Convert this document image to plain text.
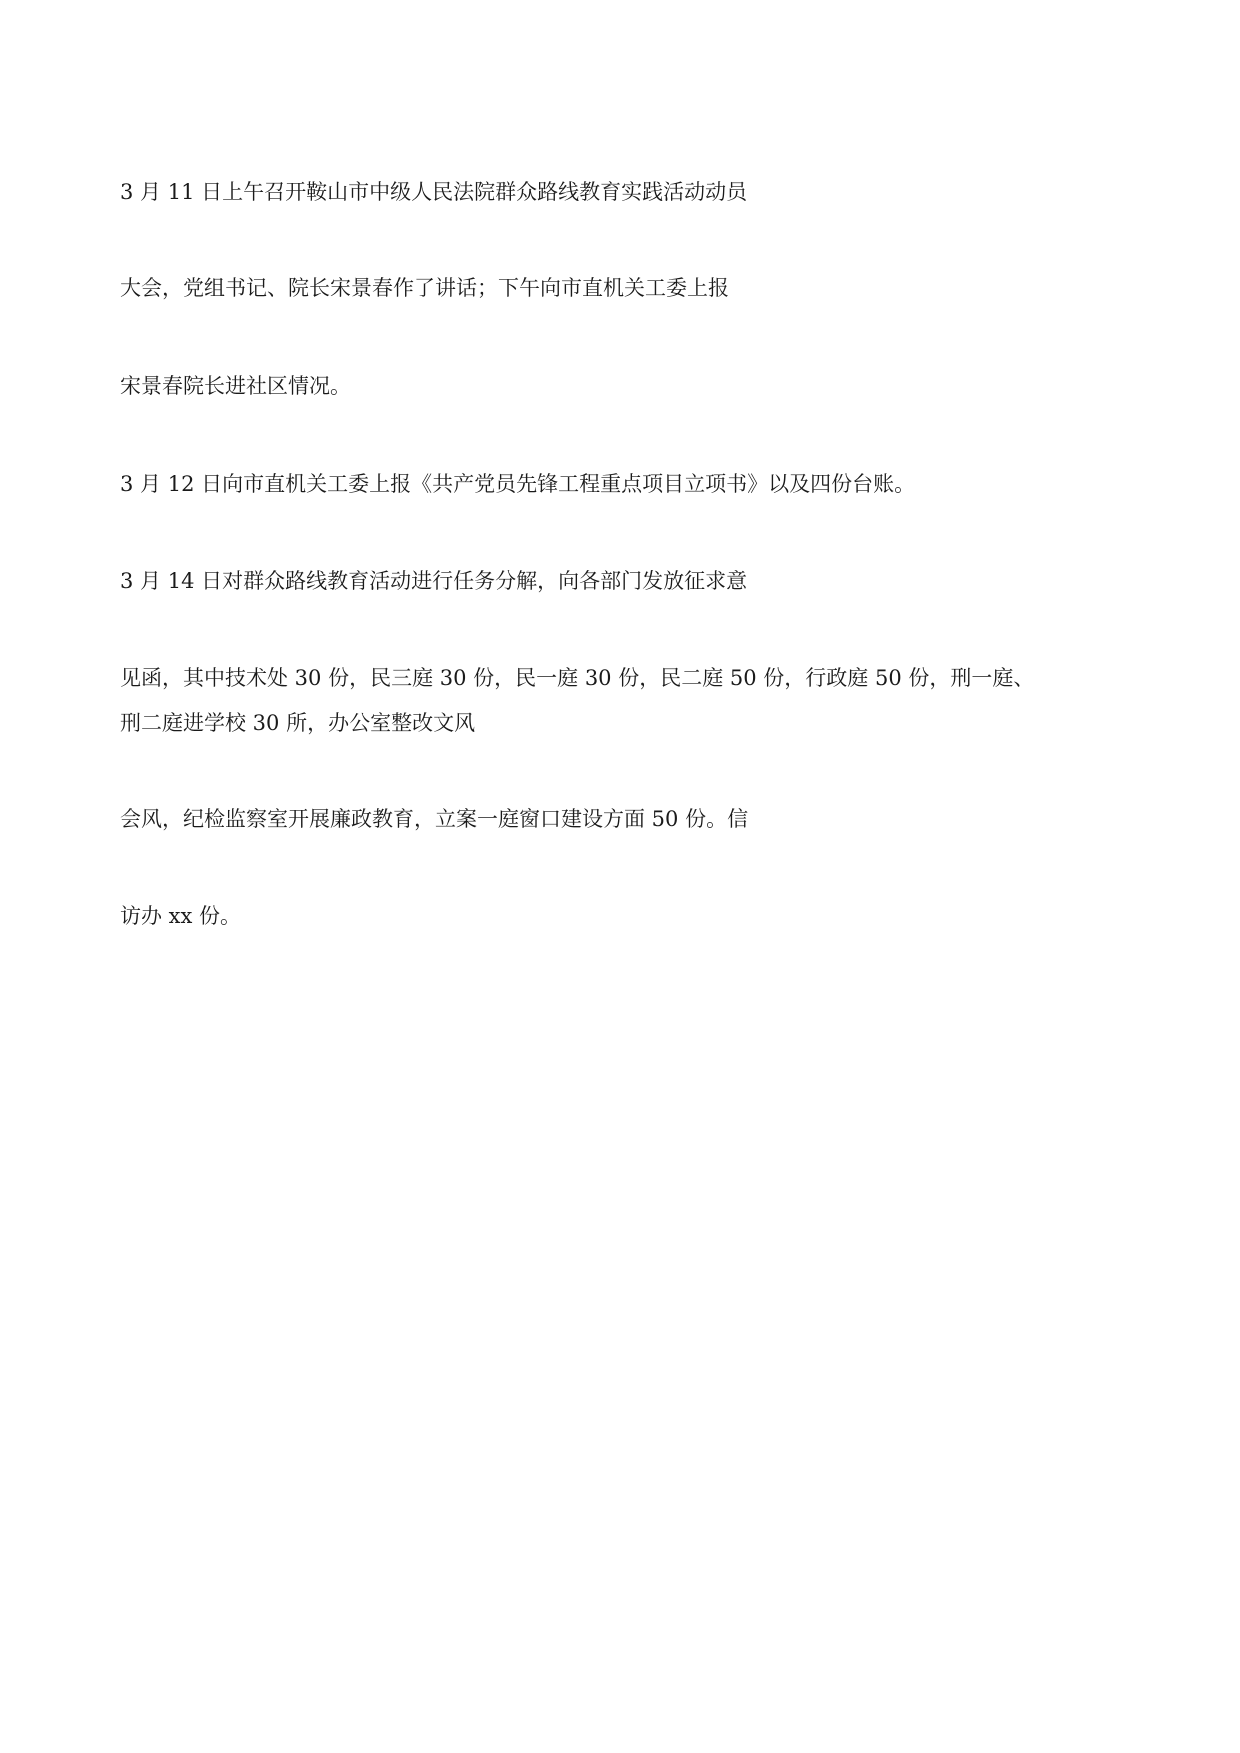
3 月 11 日上午召开鞍山市中级人民法院群众路线教育实践活动动员

大会，党组书记、院长宋景春作了讲话；下午向市直机关工委上报

宋景春院长进社区情况。

3 月 12 日向市直机关工委上报《共产党员先锋工程重点项目立项书》以及四份台账。

3 月 14 日对群众路线教育活动进行任务分解，向各部门发放征求意

见函，其中技术处 30 份，民三庭 30 份，民一庭 30 份，民二庭 50 份，行政庭 50 份，刑一庭、

刑二庭进学校 30 所，办公室整改文风

会风，纪检监察室开展廉政教育，立案一庭窗口建设方面 50 份。信

访办 xx 份。
